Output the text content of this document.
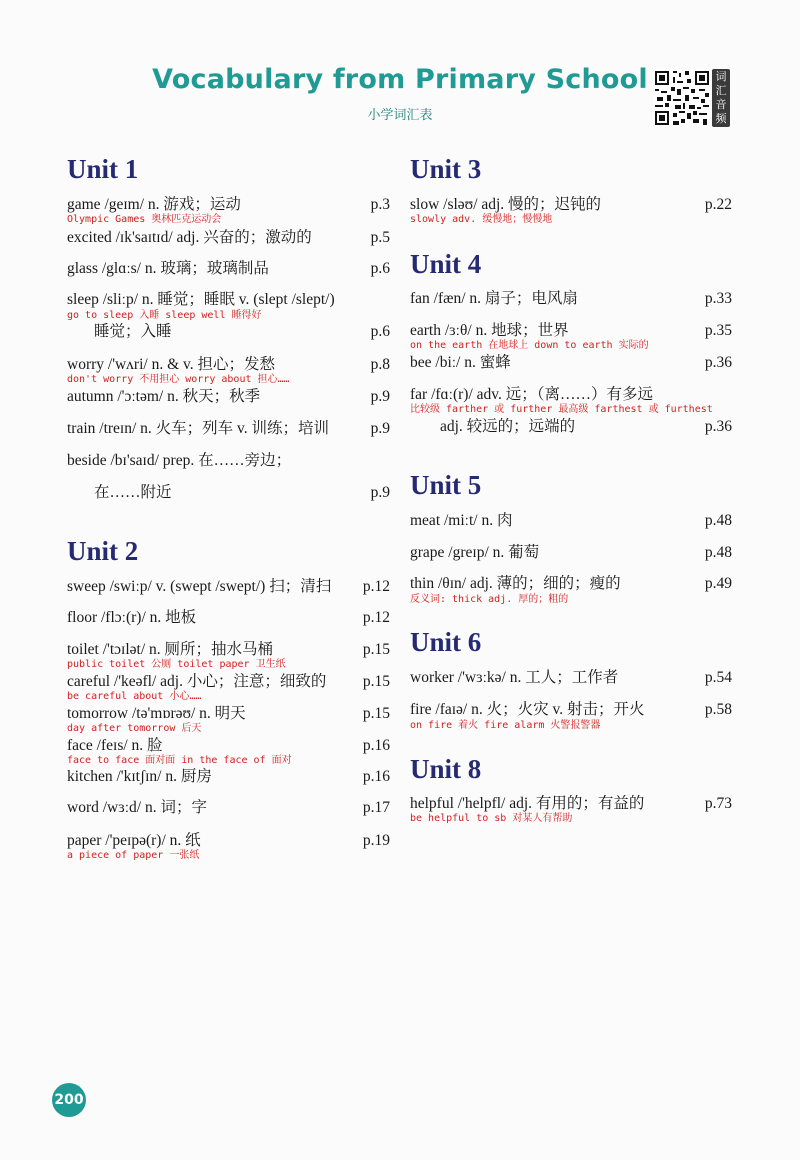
Vocabulary from Primary School
小学词汇表
词
汇
音
频
Unit 1
Unit 2
Unit 3
Unit 4
Unit 5
Unit 6
Unit 8
game /geɪm/ n. 游戏；运动	p.3
Olympic Games 奥林匹克运动会
excited /ɪk'saɪtɪd/ adj. 兴奋的；激动的	p.5
glass /glɑːs/ n. 玻璃；玻璃制品	p.6
sleep /sliːp/ n. 睡觉；睡眠 v. (slept /slept/)
go to sleep 入睡 sleep well 睡得好
睡觉；入睡	p.6
worry /'wʌri/ n. & v. 担心；发愁	p.8
don't worry 不用担心 worry about 担心……
autumn /'ɔːtəm/ n. 秋天；秋季	p.9
train /treɪn/ n. 火车；列车 v. 训练；培训	p.9
beside /bɪ'saɪd/ prep. 在……旁边；
在……附近	p.9
sweep /swiːp/ v. (swept /swept/) 扫；清扫	p.12
floor /flɔː(r)/ n. 地板	p.12
toilet /'tɔɪlət/ n. 厕所；抽水马桶	p.15
public toilet 公厕 toilet paper 卫生纸
careful /'keəfl/ adj. 小心；注意；细致的	p.15
be careful about 小心……
tomorrow /tə'mɒrəʊ/ n. 明天	p.15
day after tomorrow 后天
face /feɪs/ n. 脸	p.16
face to face 面对面 in the face of 面对
kitchen /'kɪtʃɪn/ n. 厨房	p.16
word /wɜːd/ n. 词；字	p.17
paper /'peɪpə(r)/ n. 纸	p.19
a piece of paper 一张纸
slow /sləʊ/ adj. 慢的；迟钝的	p.22
slowly adv. 缓慢地；慢慢地
fan /fæn/ n. 扇子；电风扇	p.33
earth /ɜːθ/ n. 地球；世界	p.35
on the earth 在地球上 down to earth 实际的
bee /biː/ n. 蜜蜂	p.36
far /fɑː(r)/ adv. 远；（离……）有多远
比较级 farther 或 further 最高级 farthest 或 furthest
adj. 较远的；远端的	p.36
meat /miːt/ n. 肉	p.48
grape /greɪp/ n. 葡萄	p.48
thin /θɪn/ adj. 薄的；细的；瘦的	p.49
反义词: thick adj. 厚的；粗的
worker /'wɜːkə/ n. 工人；工作者	p.54
fire /faɪə/ n. 火；火灾 v. 射击；开火	p.58
on fire 着火 fire alarm 火警报警器
helpful /'helpfl/ adj. 有用的；有益的	p.73
be helpful to sb 对某人有帮助
200
